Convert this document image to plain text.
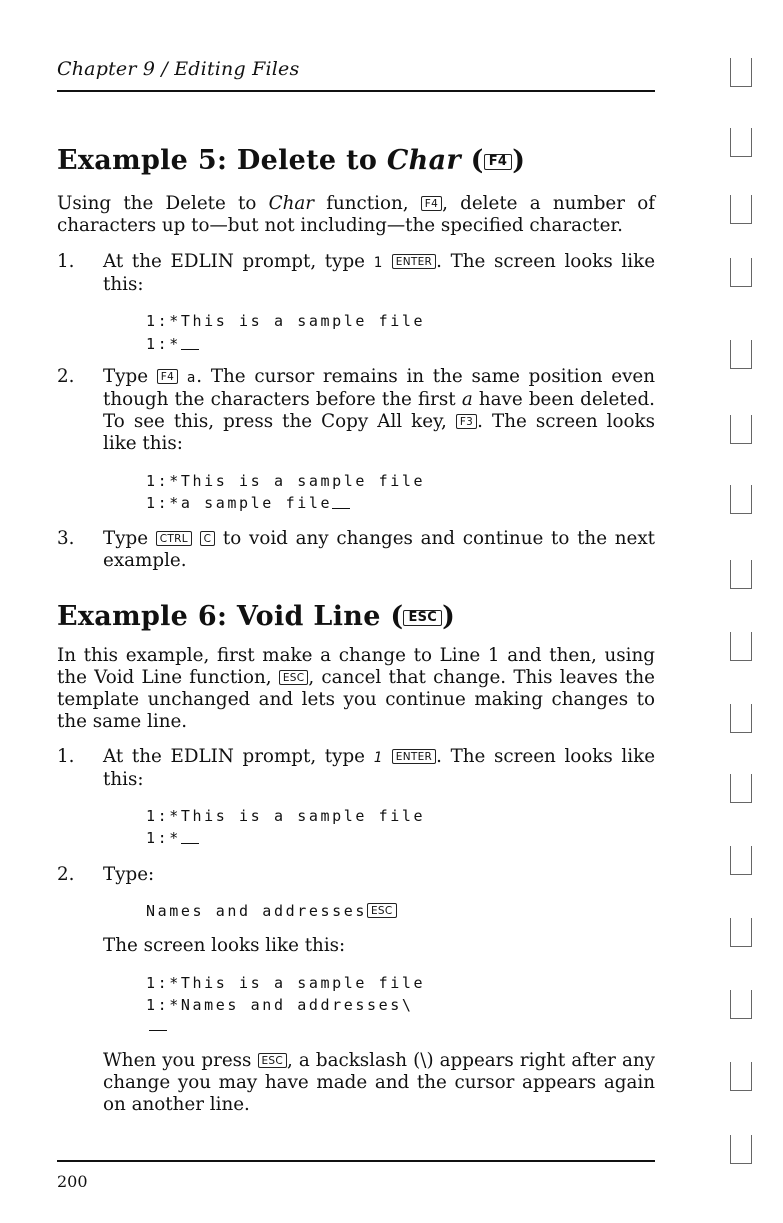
Chapter 9 / Editing Files
Example 5: Delete to Char ( F4 )

Using the Delete to Char function, F4 , delete a number of characters up to—but not including—the specified character.

1. At the EDLIN prompt, type 1 ENTER . The screen looks like this:

1:*This is a sample file
1:*
2. Type F4 a. The cursor remains in the same position even though the characters before the first a have been deleted. To see this, press the Copy All key, F3 . The screen looks like this:

1:*This is a sample file
1:*a sample file
3. Type CTRL C to void any changes and continue to the next example.

Example 6: Void Line ( ESC )

In this example, first make a change to Line 1 and then, using the Void Line function, ESC , cancel that change. This leaves the template unchanged and lets you continue making changes to the same line.

1. At the EDLIN prompt, type 1 ENTER . The screen looks like this:

1:*This is a sample file
1:*
2. Type:

Names and addresses ESC

The screen looks like this:

1:*This is a sample file
1:*Names and addresses\

When you press ESC , a backslash (\) appears right after any change you may have made and the cursor appears again on another line.

200
